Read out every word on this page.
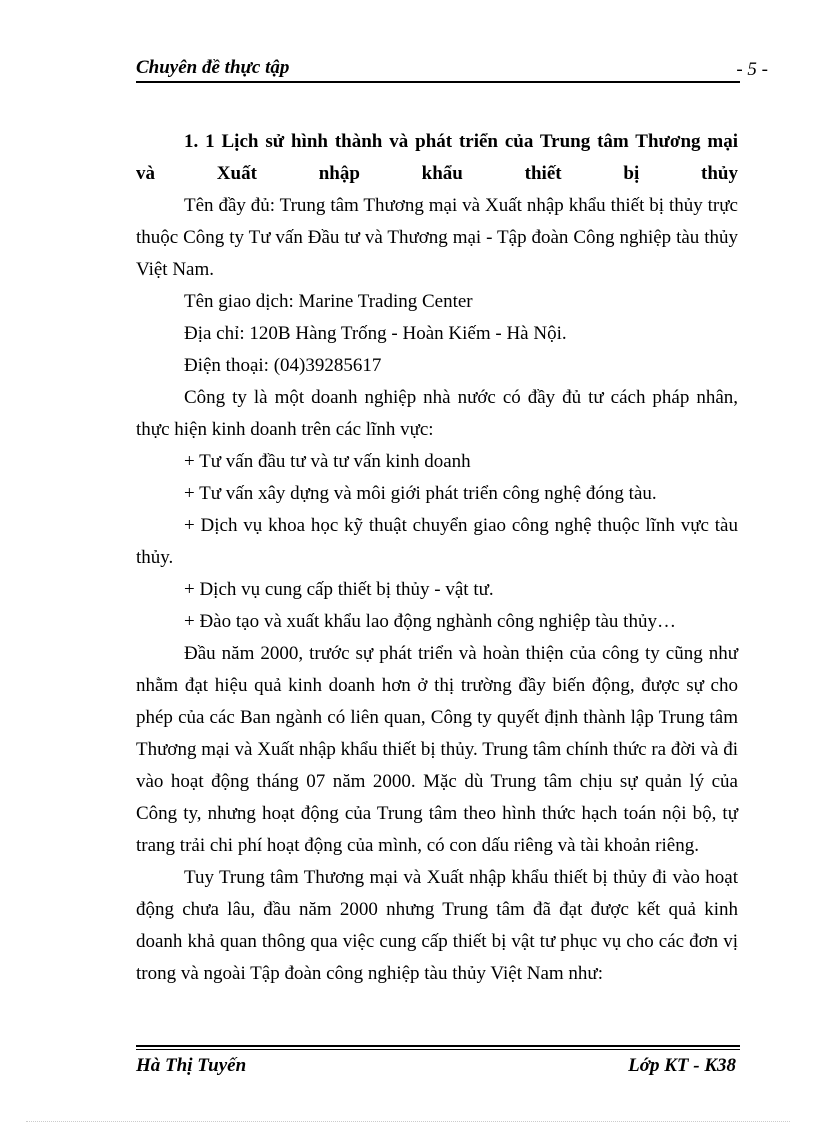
Chuyên đề thực tập	- 5 -

1. 1 Lịch sử hình thành và phát triển của Trung tâm Thương mại

và	Xuất	nhập	khẩu	thiết	bị	thủy

Tên đầy đủ: Trung tâm Thương mại và Xuất nhập khẩu thiết bị thủy trực thuộc Công ty Tư vấn Đầu tư và Thương mại - Tập đoàn Công nghiệp tàu thủy Việt Nam.

Tên giao dịch: Marine Trading Center

Địa chỉ: 120B Hàng Trống - Hoàn Kiếm - Hà Nội.

Điện thoại: (04)39285617

Công ty là một doanh nghiệp nhà nước có đầy đủ tư cách pháp nhân, thực hiện kinh doanh trên các lĩnh vực:

+ Tư vấn đầu tư và tư vấn kinh doanh

+ Tư vấn xây dựng và môi giới phát triển công nghệ đóng tàu.

+ Dịch vụ khoa học kỹ thuật chuyển giao công nghệ thuộc lĩnh vực tàu thủy.

+ Dịch vụ cung cấp thiết bị thủy - vật tư.

+ Đào tạo và xuất khẩu lao động nghành công nghiệp tàu thủy…

Đầu năm 2000, trước sự phát triển và hoàn thiện của công ty cũng như nhằm đạt hiệu quả kinh doanh hơn ở thị trường đầy biến động, được sự cho phép của các Ban ngành có liên quan, Công ty quyết định thành lập Trung tâm Thương mại và Xuất nhập khẩu thiết bị thủy. Trung tâm chính thức ra đời và đi vào hoạt động tháng 07 năm 2000. Mặc dù Trung tâm chịu sự quản lý của Công ty, nhưng hoạt động của Trung tâm theo hình thức hạch toán nội bộ, tự trang trải chi phí hoạt động của mình, có con dấu riêng và tài khoản riêng.

Tuy Trung tâm Thương mại và Xuất nhập khẩu thiết bị thủy đi vào hoạt động chưa lâu, đầu năm 2000 nhưng Trung tâm đã đạt được kết quả kinh doanh khả quan thông qua việc cung cấp thiết bị vật tư phục vụ cho các đơn vị trong và ngoài Tập đoàn công nghiệp tàu thủy Việt Nam như:

Hà Thị Tuyến	Lớp KT - K38
